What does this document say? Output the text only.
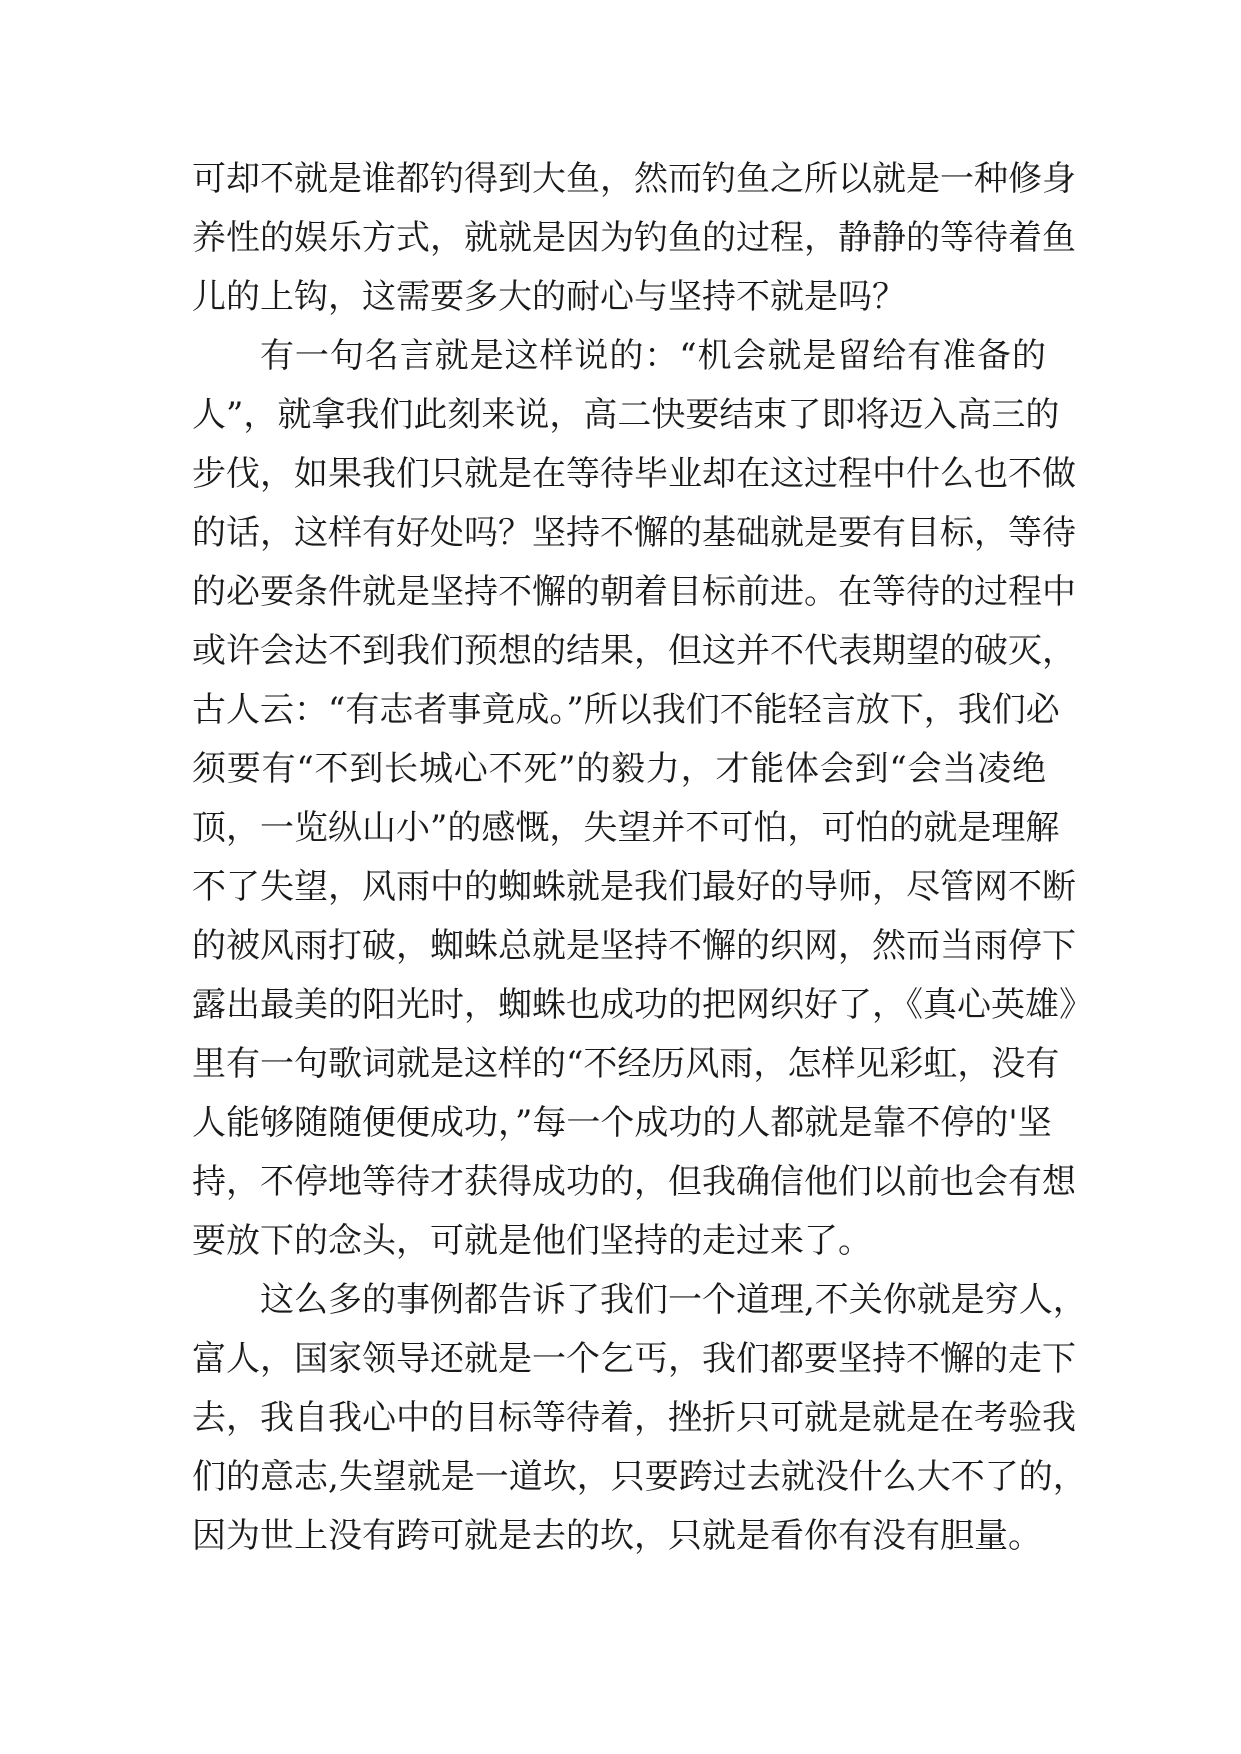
可却不就是谁都钓得到大鱼，然而钓鱼之所以就是一种修身
养性的娱乐方式，就就是因为钓鱼的过程，静静的等待着鱼
儿的上钩，这需要多大的耐心与坚持不就是吗？
有一句名言就是这样说的：“机会就是留给有准备的
人”，就拿我们此刻来说，高二快要结束了即将迈入高三的
步伐，如果我们只就是在等待毕业却在这过程中什么也不做
的话，这样有好处吗？坚持不懈的基础就是要有目标，等待
的必要条件就是坚持不懈的朝着目标前进。在等待的过程中
或许会达不到我们预想的结果，但这并不代表期望的破灭，
古人云：“有志者事竟成。”所以我们不能轻言放下，我们必
须要有“不到长城心不死”的毅力，才能体会到“会当凌绝
顶，一览纵山小”的感慨，失望并不可怕，可怕的就是理解
不了失望，风雨中的蜘蛛就是我们最好的导师，尽管网不断
的被风雨打破，蜘蛛总就是坚持不懈的织网，然而当雨停下
露出最美的阳光时，蜘蛛也成功的把网织好了，《真心英雄》
里有一句歌词就是这样的“不经历风雨，怎样见彩虹，没有
人能够随随便便成功，”每一个成功的人都就是靠不停的'坚
持，不停地等待才获得成功的，但我确信他们以前也会有想
要放下的念头，可就是他们坚持的走过来了。
这么多的事例都告诉了我们一个道理,不关你就是穷人，
富人，国家领导还就是一个乞丐，我们都要坚持不懈的走下
去，我自我心中的目标等待着，挫折只可就是就是在考验我
们的意志,失望就是一道坎，只要跨过去就没什么大不了的，
因为世上没有跨可就是去的坎，只就是看你有没有胆量。
